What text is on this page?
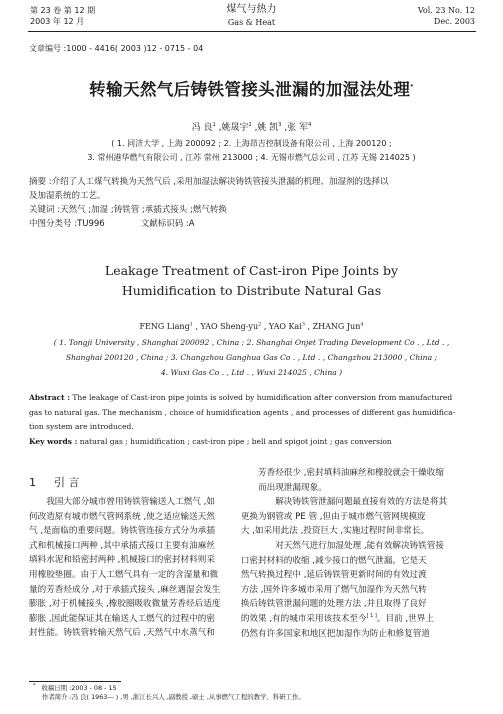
第 23 卷 第 12 期
2003 年 12 月
煤气与热力
Gas & Heat
Vol. 23 No. 12
Dec. 2003
文章编号 :1000 - 4416( 2003 )12 - 0715 - 04
转输天然气后铸铁管接头泄漏的加湿法处理*
冯 良$^1$ ,姚晟宇$^2$ ,姚 凯$^3$ ,张 军$^4$
( 1. 同济大学 , 上海 200092 ; 2. 上海昂吉控制设备有限公司 , 上海 200120 ;
3. 常州港华燃气有限公司 , 江苏 常州 213000 ; 4. 无锡市燃气总公司 , 江苏 无锡 214025 )
摘要 :介绍了人工煤气转换为天然气后 ,采用加湿法解决铸铁管接头泄漏的机理、加湿剂的选择以
及加湿系统的工艺。
关键词 :天然气 ;加湿 ;铸铁管 ;承插式接头 ;燃气转换
中图分类号 :TU996	文献标识码 :A
Leakage Treatment of Cast-iron Pipe Joints by
Humidification to Distribute Natural Gas
FENG Liang$^1$ , YAO Sheng-$yu^2$ , YAO Kai$^3$ , ZHANG Jun$^4$
( 1. Tongji University , Shanghai 200092 , China ; 2. Shanghai Onjet Trading Development Co . , Ltd . ,
Shanghai 200120 , China ; 3. Changzhou Ganghua Gas Co . , Ltd . , Changzhou 213000 , China ;
4. Wuxi Gas Co . , Ltd . , Wuxi 214025 , China )
Abstract : The leakage of Cast-iron pipe joints is solved by humidification after conversion from manufactured
gas to natural gas. The mechanism , choice of humidification agents , and processes of different gas humidifica-
tion system are introduced.
Key words : natural gas ; humidification ; cast-iron pipe ; bell and spigot joint ; gas conversion
1 引 言

我国大部分城市曾用铸铁管输送人工燃气 ,如
何改造原有城市燃气管网系统 ,使之适应输送天然
气 ,是面临的重要问题。铸铁管连接方式分为承插
式和机械接口两种 ,其中承插式接口主要有油麻丝
填料水泥和铅密封两种 ,机械接口的密封材料则采
用橡胶垫圈。由于人工燃气具有一定的含湿量和微
量的芳香烃成分 ,对于承插式接头 ,麻丝遇湿会发生
膨胀 ,对于机械接头 ,橡胶圈吸收微量芳香烃后适度
膨胀 ,因此能保证其在输送人工燃气的过程中的密
封性能。铸铁管转输天然气后 ,天然气中水蒸气和

芳香烃很少 ,密封填料油麻丝和橡胶就会干燥收缩
而出现泄漏现象。

解决铸铁管泄漏问题最直接有效的方法是将其
更换为钢管或 PE 管 ,但由于城市燃气管网规模庞
大 ,如采用此法 ,投资巨大 ,实施过程时间非常长。

对天然气进行加湿处理 ,能有效解决铸铁管接
口密封材料的收缩 ,减少接口的燃气泄漏。它是天
然气转换过程中 ,延后铸铁管更新时间的有效过渡
方法 ,国外许多城市采用了燃气加湿作为天然气转
换后铸铁管泄漏问题的处理方法 ,并且取得了良好
的效果 ,有的城市采用该技术至今[ 1 ]。目前 ,世界上
仍然有许多国家和地区把加湿作为防止和修复管道

* 收稿日期 :2003 - 08 - 15
作者简介 :冯 良( 1963— ) ,男 ,浙江长兴人 ,副教授 ,硕士 ,从事燃气工程的教学、科研工作。
